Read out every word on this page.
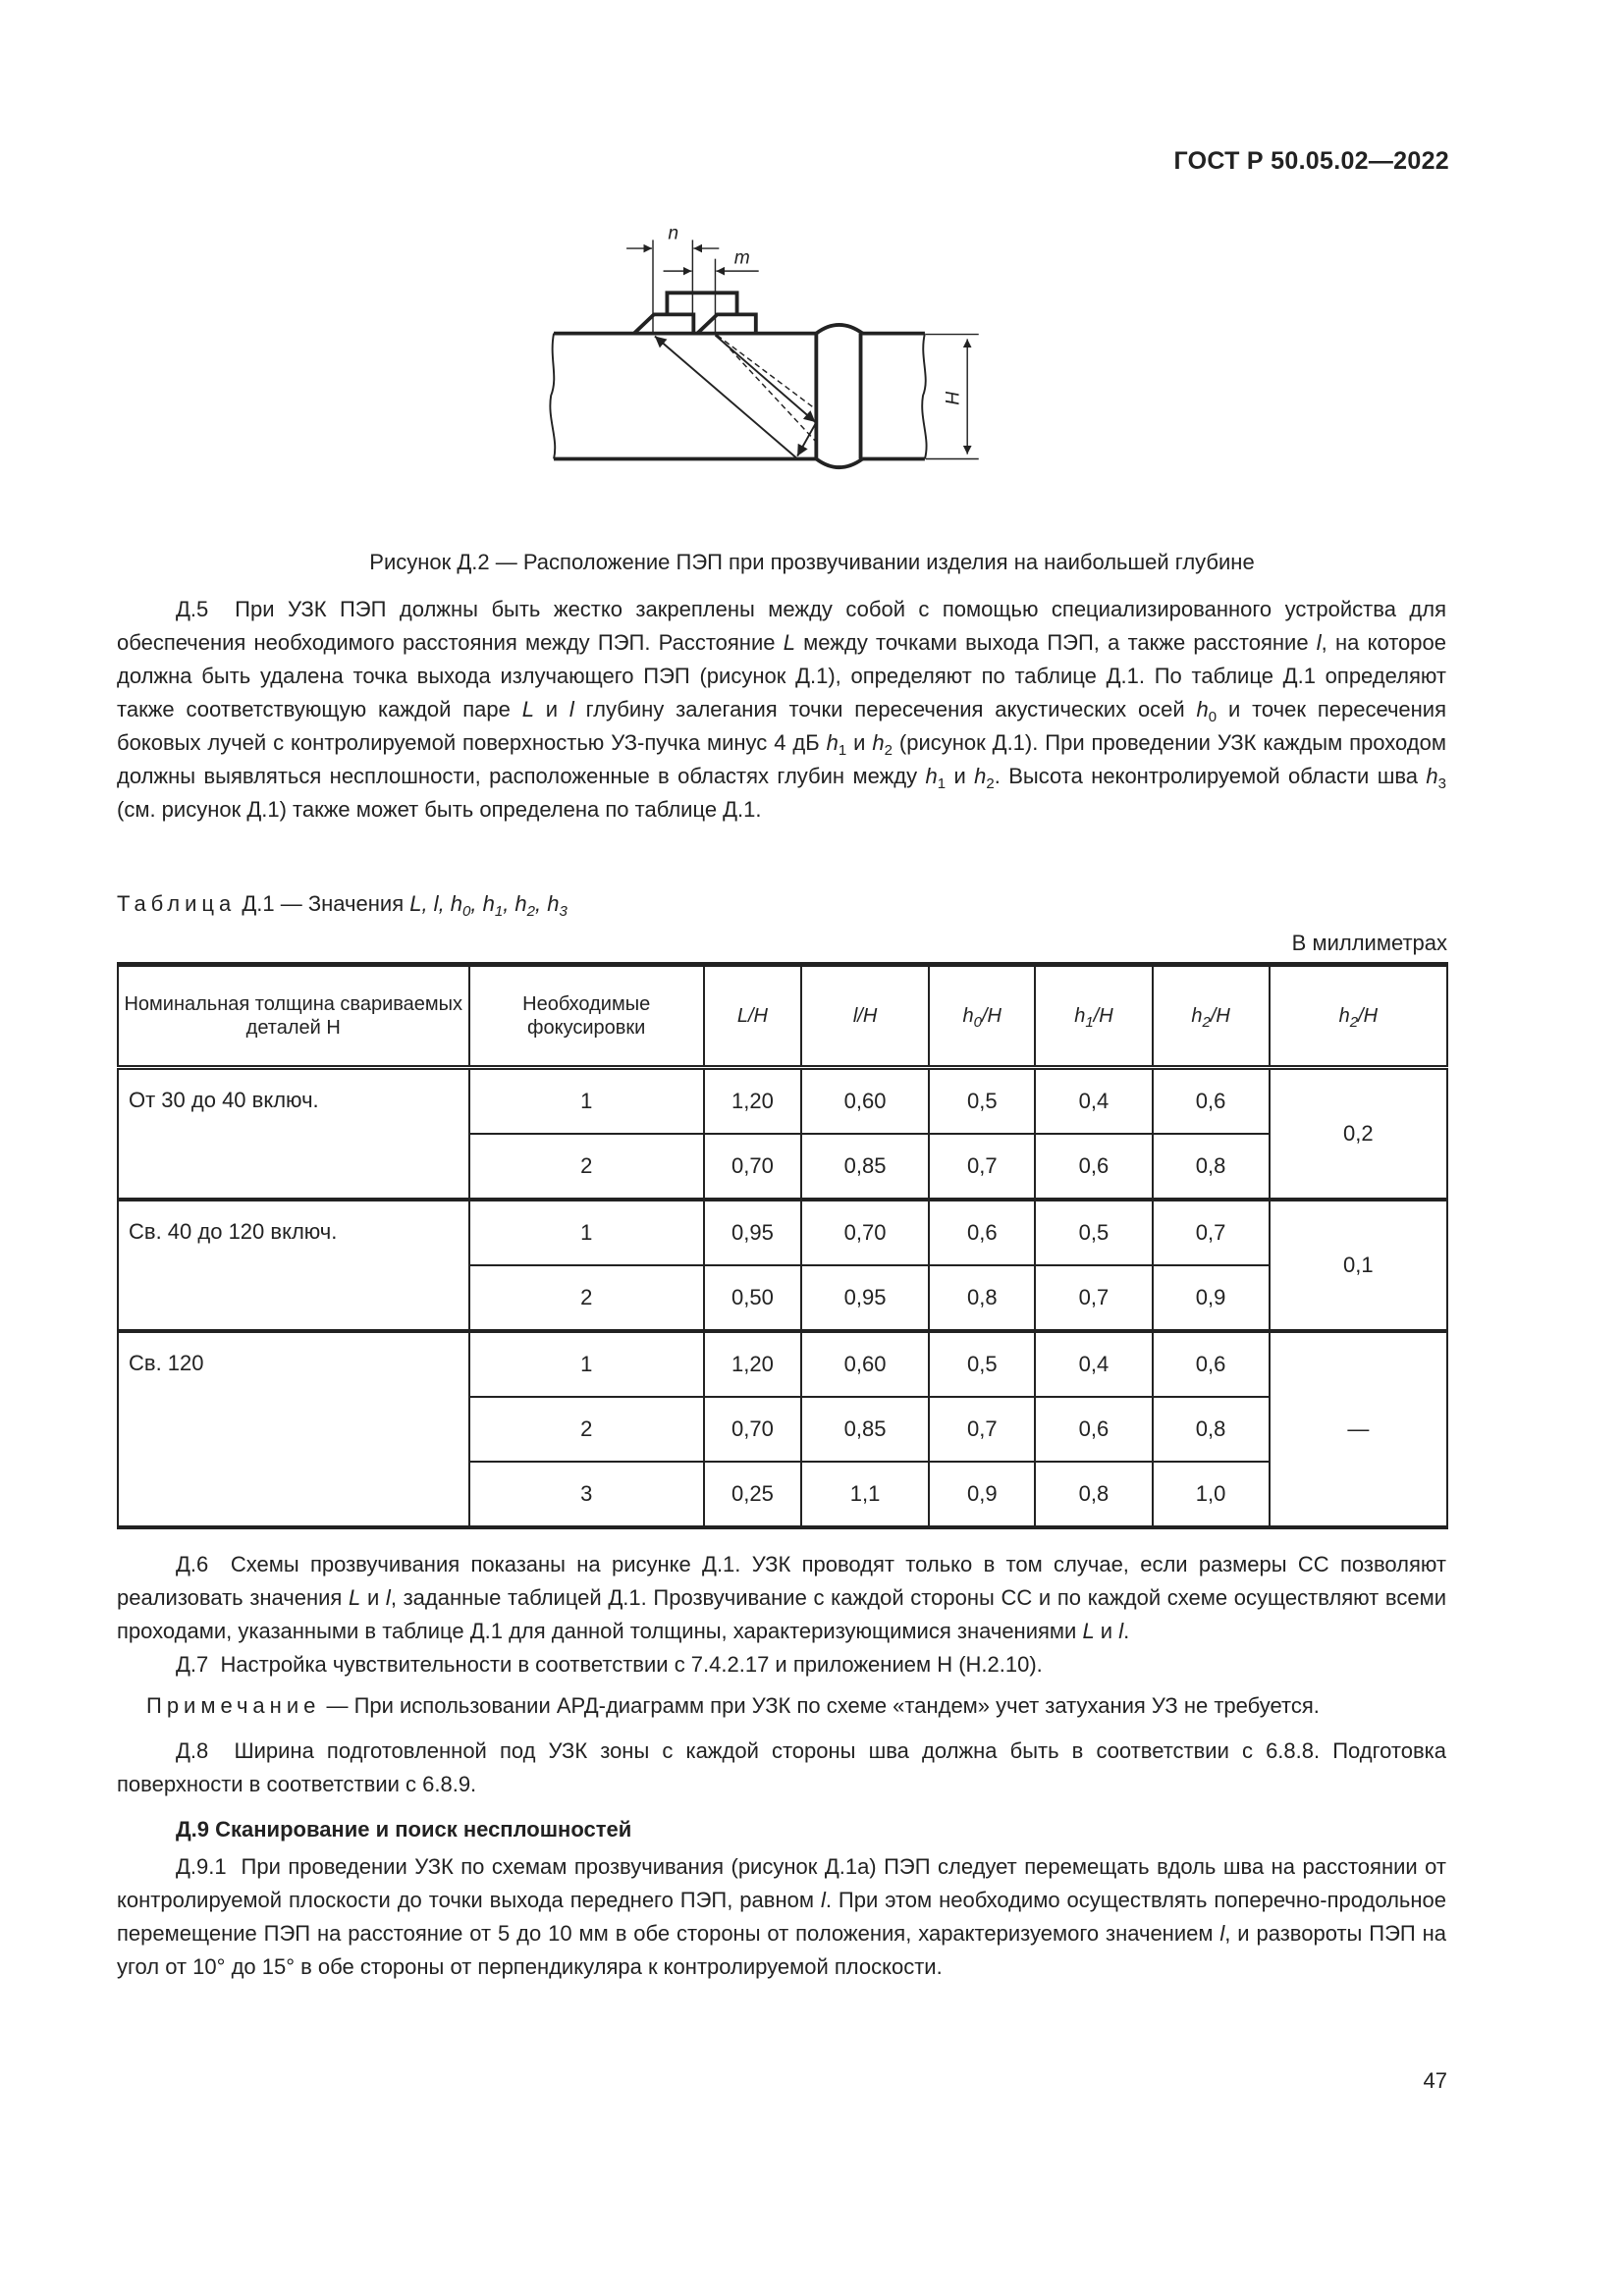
ГОСТ Р 50.05.02—2022
n
m
H
Рисунок Д.2 — Расположение ПЭП при прозвучивании изделия на наибольшей глубине

Д.5 При УЗК ПЭП должны быть жестко закреплены между собой с помощью специализированного устройства для обеспечения необходимого расстояния между ПЭП. Расстояние L между точками выхода ПЭП, а также расстояние l, на которое должна быть удалена точка выхода излучающего ПЭП (рисунок Д.1), определяют по таблице Д.1. По таблице Д.1 определяют также соответствующую каждой паре L и l глубину залегания точки пересечения акустических осей $h_0$ и точек пересечения боковых лучей с контролируемой поверхностью УЗ-пучка минус 4 дБ $h_1$ и $h_2$ (рисунок Д.1). При проведении УЗК каждым проходом должны выявляться несплошности, расположенные в областях глубин между $h_1$ и $h_2$. Высота неконтролируемой области шва $h_3$ (см. рисунок Д.1) также может быть определена по таблице Д.1.

Таблица Д.1 — Значения L, l, $h_0$, $h_1$, $h_2$, $h_3$
В миллиметрах
Номинальная толщина свариваемых деталей Н	Необходимые фокусировки	L/H	l/H	$h_0/H$	$h_1/H$	$h_2/H$	$h_2/H$
От 30 до 40 включ.	1	1,20	0,60	0,5	0,4	0,6	0,2
	2	0,70	0,85	0,7	0,6	0,8	
Св. 40 до 120 включ.	1	0,95	0,70	0,6	0,5	0,7	0,1
	2	0,50	0,95	0,8	0,7	0,9	
Св. 120	1	1,20	0,60	0,5	0,4	0,6	—
	2	0,70	0,85	0,7	0,6	0,8	
	3	0,25	1,1	0,9	0,8	1,0	

Д.6 Схемы прозвучивания показаны на рисунке Д.1. УЗК проводят только в том случае, если размеры СС позволяют реализовать значения L и l, заданные таблицей Д.1. Прозвучивание с каждой стороны СС и по каждой схеме осуществляют всеми проходами, указанными в таблице Д.1 для данной толщины, характеризующимися значениями L и l.

Д.7 Настройка чувствительности в соответствии с 7.4.2.17 и приложением Н (Н.2.10).

Примечание — При использовании АРД-диаграмм при УЗК по схеме «тандем» учет затухания УЗ не требуется.

Д.8 Ширина подготовленной под УЗК зоны с каждой стороны шва должна быть в соответствии с 6.8.8. Подготовка поверхности в соответствии с 6.8.9.

Д.9 Сканирование и поиск несплошностей

Д.9.1 При проведении УЗК по схемам прозвучивания (рисунок Д.1а) ПЭП следует перемещать вдоль шва на расстоянии от контролируемой плоскости до точки выхода переднего ПЭП, равном l. При этом необходимо осуществлять поперечно-продольное перемещение ПЭП на расстояние от 5 до 10 мм в обе стороны от положения, характеризуемого значением l, и развороты ПЭП на угол от 10° до 15° в обе стороны от перпендикуляра к контролируемой плоскости.

47
